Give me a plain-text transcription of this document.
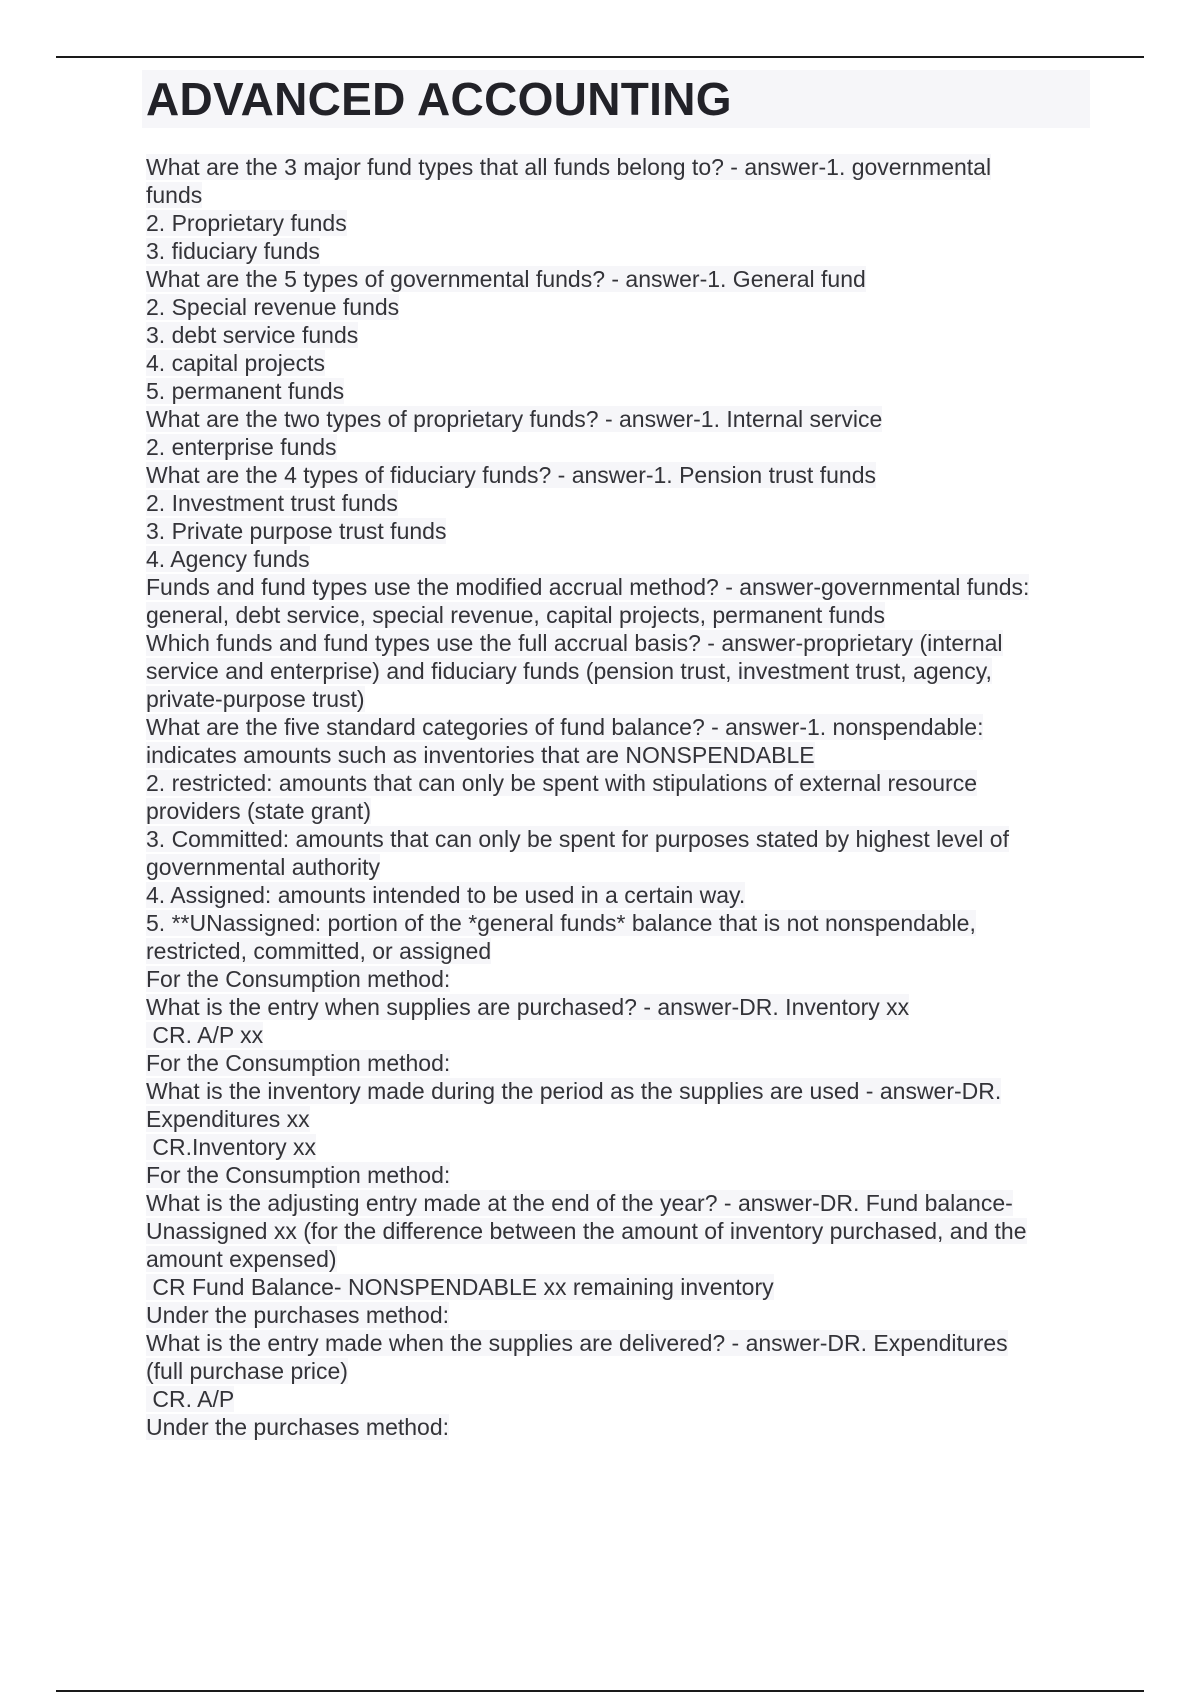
ADVANCED ACCOUNTING
What are the 3 major fund types that all funds belong to? - answer-1. governmental
funds
2. Proprietary funds
3. fiduciary funds
What are the 5 types of governmental funds? - answer-1. General fund
2. Special revenue funds
3. debt service funds
4. capital projects
5. permanent funds
What are the two types of proprietary funds? - answer-1. Internal service
2. enterprise funds
What are the 4 types of fiduciary funds? - answer-1. Pension trust funds
2. Investment trust funds
3. Private purpose trust funds
4. Agency funds
Funds and fund types use the modified accrual method? - answer-governmental funds:
general, debt service, special revenue, capital projects, permanent funds
Which funds and fund types use the full accrual basis? - answer-proprietary (internal
service and enterprise) and fiduciary funds (pension trust, investment trust, agency,
private-purpose trust)
What are the five standard categories of fund balance? - answer-1. nonspendable:
indicates amounts such as inventories that are NONSPENDABLE
2. restricted: amounts that can only be spent with stipulations of external resource
providers (state grant)
3. Committed: amounts that can only be spent for purposes stated by highest level of
governmental authority
4. Assigned: amounts intended to be used in a certain way.
5. **UNassigned: portion of the *general funds* balance that is not nonspendable,
restricted, committed, or assigned
For the Consumption method:
What is the entry when supplies are purchased? - answer-DR. Inventory xx
CR. A/P xx
For the Consumption method:
What is the inventory made during the period as the supplies are used - answer-DR.
Expenditures xx
CR.Inventory xx
For the Consumption method:
What is the adjusting entry made at the end of the year? - answer-DR. Fund balance-
Unassigned xx (for the difference between the amount of inventory purchased, and the
amount expensed)
CR Fund Balance- NONSPENDABLE xx remaining inventory
Under the purchases method:
What is the entry made when the supplies are delivered? - answer-DR. Expenditures
(full purchase price)
CR. A/P
Under the purchases method:
